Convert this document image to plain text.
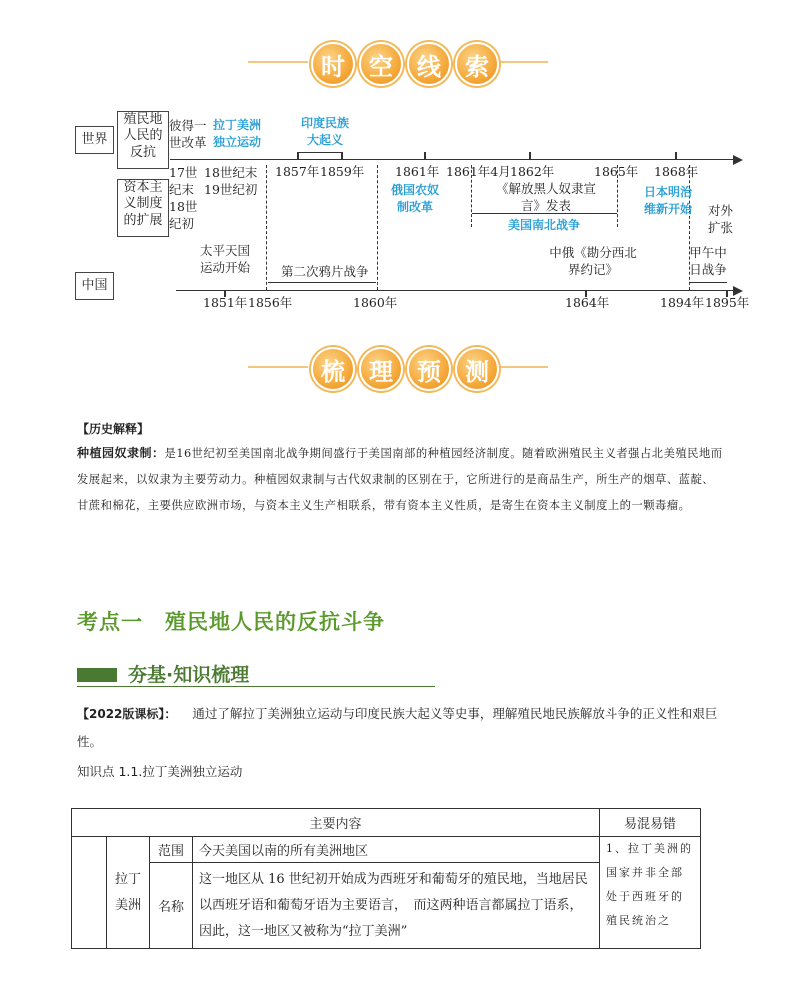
时	空	线	索
世界
殖民地人民的反抗
资本主义制度的扩展
中国
彼得一世改革
拉丁美洲独立运动
印度民族大起义
17世纪末18世纪初
18世纪末19世纪初
1857年 1859年 1861年 1861年4月 1862年	1865年 1868年
俄国农奴制改革
《解放黑人奴隶宣言》发表
美国南北战争
日本明治维新开始 对外扩张
太平天国运动开始	第二次鸦片战争
中俄《勘分西北界约记》
甲午中日战争
1851年 1856年	1860年	1864年	1894年 1895年
梳	理	预	测
【历史解释】
种植园奴隶制：是16世纪初至美国南北战争期间盛行于美国南部的种植园经济制度。随着欧洲殖民主义者强占北美殖民地而发展起来，以奴隶为主要劳动力。种植园奴隶制与古代奴隶制的区别在于，它所进行的是商品生产，所生产的烟草、蓝靛、甘蔗和棉花，主要供应欧洲市场，与资本主义生产相联系，带有资本主义性质，是寄生在资本主义制度上的一颗毒瘤。
考点一　殖民地人民的反抗斗争
夯基·知识梳理
【2022版课标】： 通过了解拉丁美洲独立运动与印度民族大起义等史事，理解殖民地民族解放斗争的正义性和艰巨性。
知识点 1.1.拉丁美洲独立运动
主要内容				易混易错
	拉丁美洲	范围	今天美国以南的所有美洲地区	1、拉丁美洲的国家并非全部处于西班牙的殖民统治之
		名称	这一地区从 16 世纪初开始成为西班牙和葡萄牙的殖民地，当地居民以西班牙语和葡萄牙语为主要语言，　而这两种语言都属拉丁语系，因此，这一地区又被称为“拉丁美洲”	
